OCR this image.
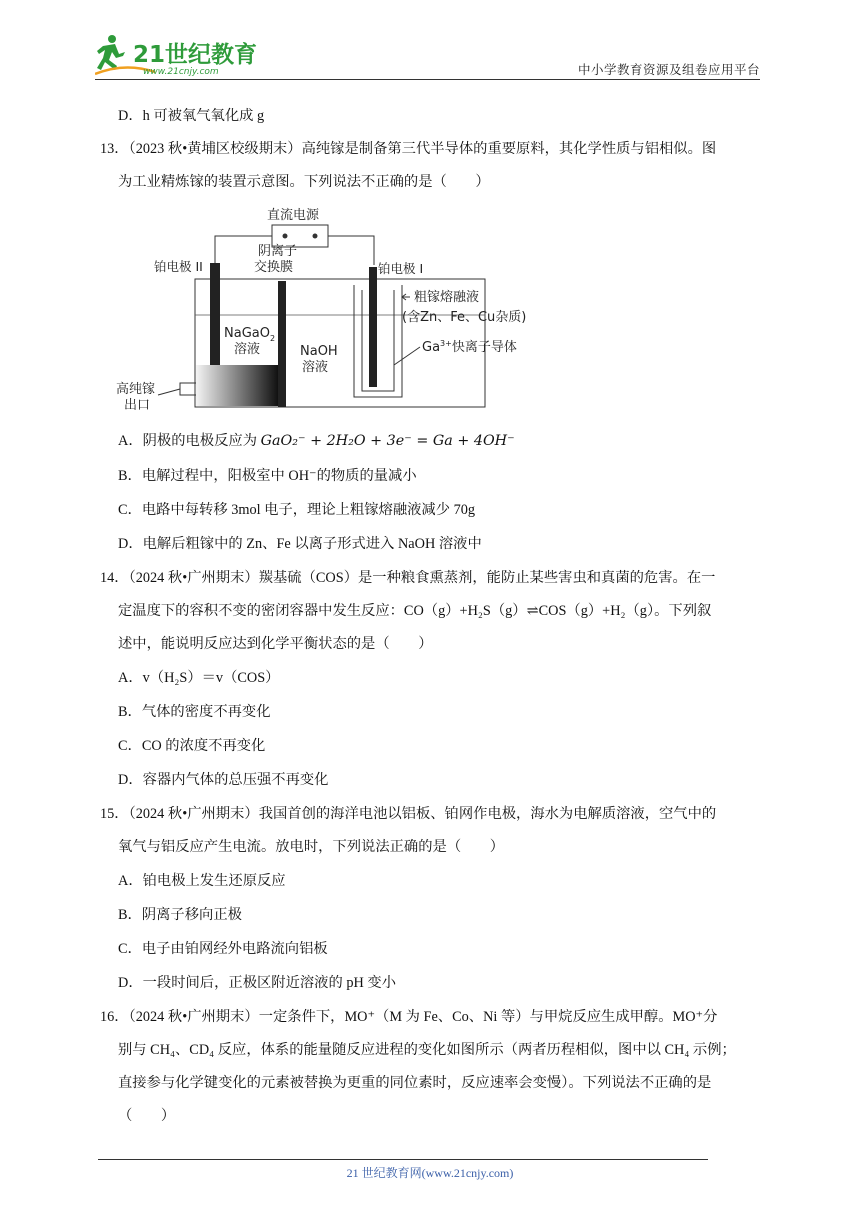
21世纪教育
www.21cnjy.com	中小学教育资源及组卷应用平台
D．h 可被氧气氧化成 g
13．（2023 秋•黄埔区校级期末）高纯镓是制备第三代半导体的重要原料，其化学性质与铝相似。图
为工业精炼镓的装置示意图。下列说法不正确的是（　　）
直流电源
铂电极 II
阴离子
交换膜
高纯镓
出口
NaGaO$_2$
溶液	NaOH
溶液
铂电极 I
粗镓熔融液
(含Zn、Fe、Cu杂质)
$Ga^{3+}$快离子导体
A．阴极的电极反应为 GaO₂⁻ + 2H₂O + 3e⁻ = Ga + 4OH⁻
B．电解过程中，阳极室中 OH⁻的物质的量减小
C．电路中每转移 3mol 电子，理论上粗镓熔融液减少 70g
D．电解后粗镓中的 Zn、Fe 以离子形式进入 NaOH 溶液中
14．（2024 秋•广州期末）羰基硫（COS）是一种粮食熏蒸剂，能防止某些害虫和真菌的危害。在一
定温度下的容积不变的密闭容器中发生反应：CO（g）+H₂S（g）⇌COS（g）+H₂（g）。下列叙
述中，能说明反应达到化学平衡状态的是（　　）
A．v（H₂S）＝v（COS）
B．气体的密度不再变化
C．CO 的浓度不再变化
D．容器内气体的总压强不再变化
15．（2024 秋•广州期末）我国首创的海洋电池以铝板、铂网作电极，海水为电解质溶液，空气中的
氧气与铝反应产生电流。放电时，下列说法正确的是（　　）
A．铂电极上发生还原反应
B．阴离子移向正极
C．电子由铂网经外电路流向铝板
D．一段时间后，正极区附近溶液的 pH 变小
16．（2024 秋•广州期末）一定条件下，MO⁺（M 为 Fe、Co、Ni 等）与甲烷反应生成甲醇。MO⁺分
别与 CH₄、CD₄ 反应，体系的能量随反应进程的变化如图所示（两者历程相似，图中以 CH₄ 示例；
直接参与化学键变化的元素被替换为更重的同位素时，反应速率会变慢）。下列说法不正确的是
（　　）
21 世纪教育网(www.21cnjy.com)
